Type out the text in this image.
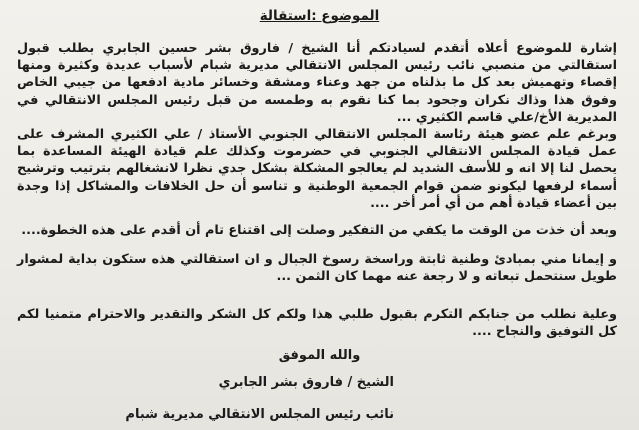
الموضوع :استقالة
إشارة للموضوع أعلاه أتقدم لسيادتكم أنا الشيخ / فاروق بشر حسين الجابري بطلب قبول استقالتي من منصبي نائب رئيس المجلس الانتقالي مديرية شبام لأسباب عديدة وكثيرة ومنها إقصاء وتهميش بعد كل ما بذلناه من جهد وعناء ومشقة وخسائر مادية ادفعها من جيبي الخاص وفوق هذا وذاك نكران وجحود بما كنا نقوم به وطمسه من قبل رئيس المجلس الانتقالي في المديرية الأخ/علي قاسم الكثيري ...
وبرغم علم عضو هيئة رئاسة المجلس الانتقالي الجنوبي الأستاذ / علي الكثيري المشرف على عمل قيادة المجلس الانتقالي الجنوبي في حضرموت وكذلك علم قيادة الهيئة المساعدة بما يحصل لنا إلا انه و للأسف الشديد لم يعالجو المشكلة بشكل جدي نظرا لانشغالهم بترتيب وترشيح أسماء لرفعها ليكونو ضمن قوام الجمعية الوطنية و تناسو أن حل الخلافات والمشاكل إذا وجدة بين أعضاء قيادة أهم من أي أمر أخر ....
وبعد أن خذت من الوقت ما يكفي من التفكير وصلت إلى اقتناع تام أن أقدم على هذه الخطوة....
و إيمانا مني بمبادئ وطنية ثابتة وراسخة رسوخ الجبال و ان استقالتي هذه ستكون بداية لمشوار طويل سنتحمل تبعاته و لا رجعة عنه مهما كان الثمن ...
وعلية نطلب من جنابكم التكرم بقبول طلبي هذا ولكم كل الشكر والتقدير والاحترام متمنيا لكم كل التوفيق والنجاح ....
والله الموفق
الشيخ / فاروق بشر الجابري
نائب رئيس المجلس الانتقالي مديرية شبام
